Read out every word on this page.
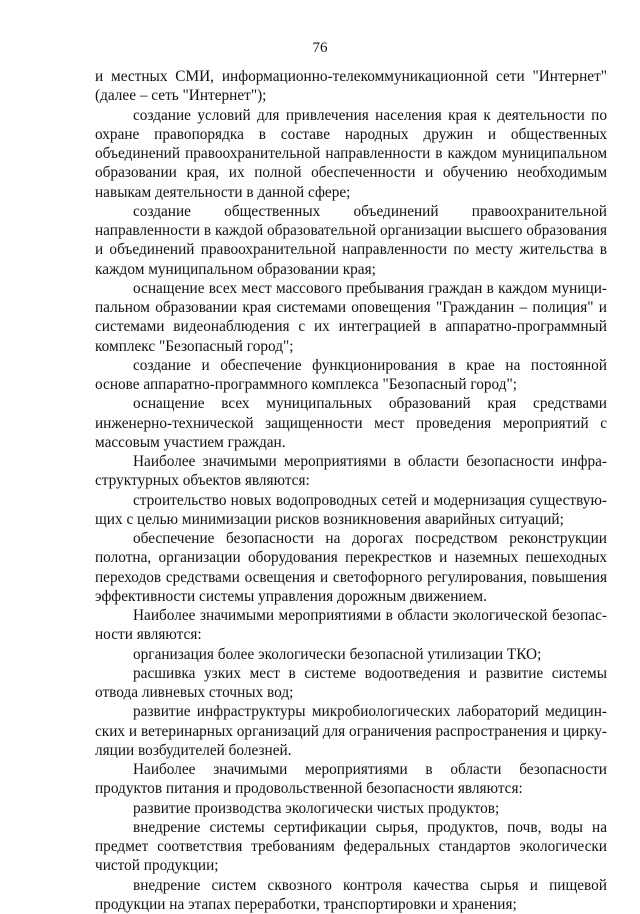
76

и местных СМИ, информационно-телекоммуникационной сети "Интернет" (далее – сеть "Интернет");

создание условий для привлечения населения края к деятельности по охране правопорядка в составе народных дружин и общественных объединений правоохранительной направленности в каждом муниципальном образовании края, их полной обеспеченности и обучению необходимым навыкам деятельности в данной сфере;

создание общественных объединений правоохранительной направленности в каждой образовательной организации высшего образования и объединений правоохранительной направленности по месту жительства в каждом муниципальном образовании края;

оснащение всех мест массового пребывания граждан в каждом муниципальном образовании края системами оповещения "Гражданин – полиция" и системами видеонаблюдения с их интеграцией в аппаратно-программный комплекс "Безопасный город";

создание и обеспечение функционирования в крае на постоянной основе аппаратно-программного комплекса "Безопасный город";

оснащение всех муниципальных образований края средствами инженерно-технической защищенности мест проведения мероприятий с массовым участием граждан.

Наиболее значимыми мероприятиями в области безопасности инфраструктурных объектов являются:

строительство новых водопроводных сетей и модернизация существующих с целью минимизации рисков возникновения аварийных ситуаций;

обеспечение безопасности на дорогах посредством реконструкции полотна, организации оборудования перекрестков и наземных пешеходных переходов средствами освещения и светофорного регулирования, повышения эффективности системы управления дорожным движением.

Наиболее значимыми мероприятиями в области экологической безопасности являются:

организация более экологически безопасной утилизации ТКО;

расшивка узких мест в системе водоотведения и развитие системы отвода ливневых сточных вод;

развитие инфраструктуры микробиологических лабораторий медицинских и ветеринарных организаций для ограничения распространения и циркуляции возбудителей болезней.

Наиболее значимыми мероприятиями в области безопасности продуктов питания и продовольственной безопасности являются:

развитие производства экологически чистых продуктов;

внедрение системы сертификации сырья, продуктов, почв, воды на предмет соответствия требованиям федеральных стандартов экологически чистой продукции;

внедрение систем сквозного контроля качества сырья и пищевой продукции на этапах переработки, транспортировки и хранения;
